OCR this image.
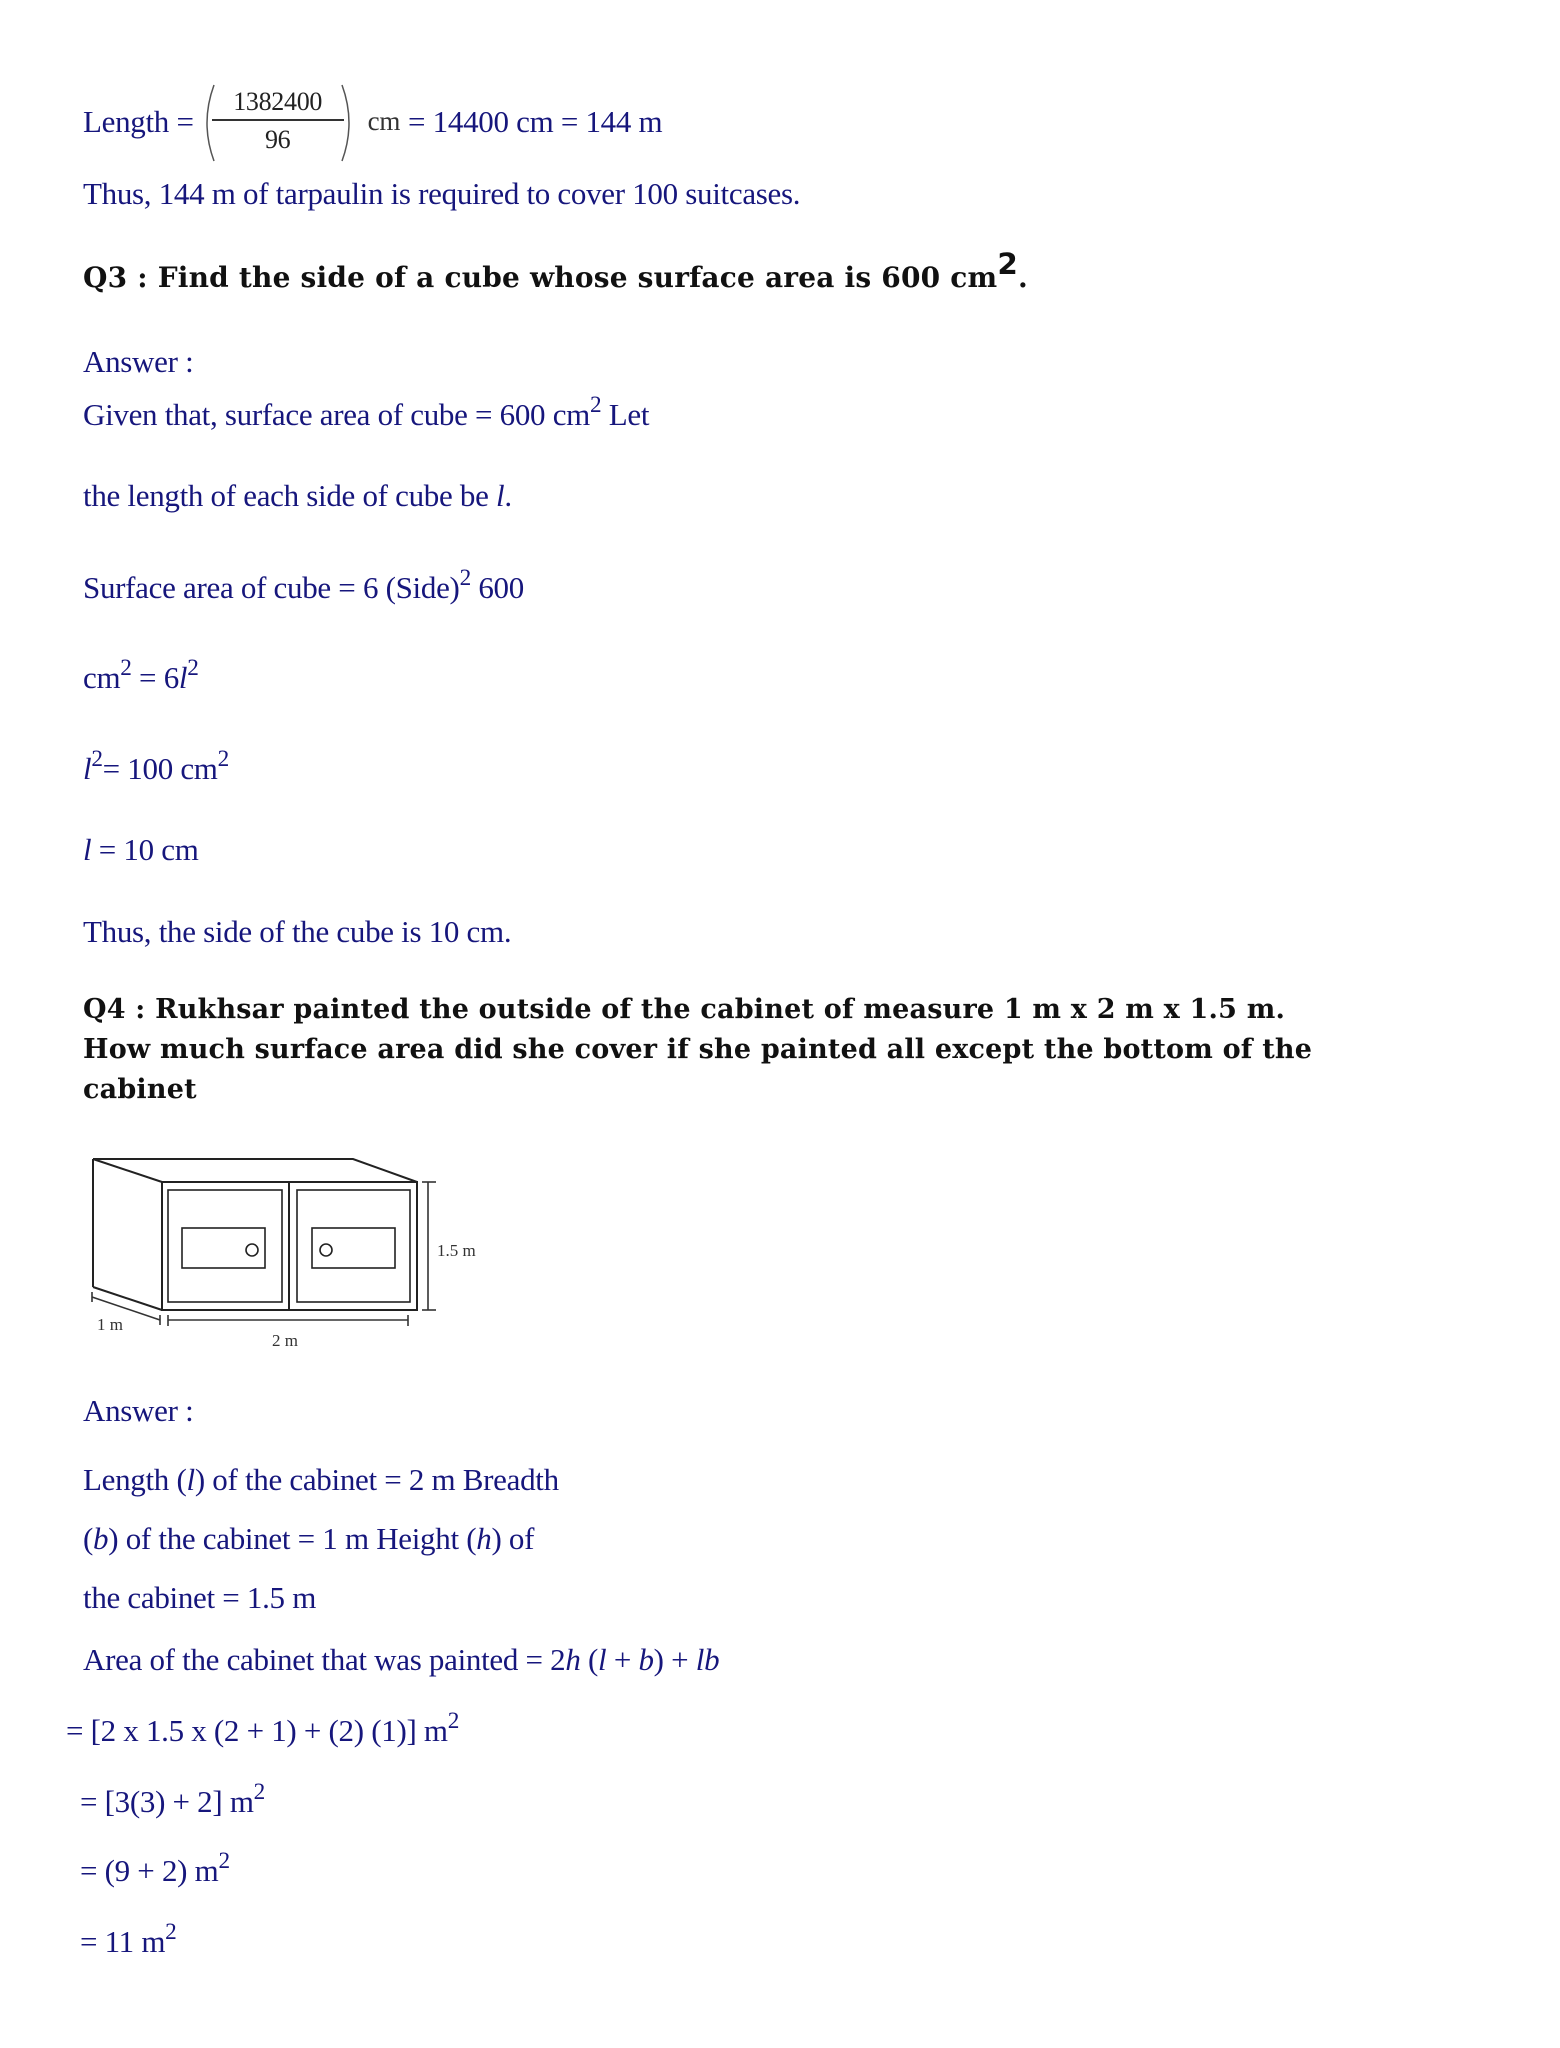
Length = $\frac{1382400}{96}$ cm = 14400 cm = 144 m
Thus, 144 m of tarpaulin is required to cover 100 suitcases.
Q3 : Find the side of a cube whose surface area is 600 cm2.
Answer :
Given that, surface area of cube = 600 $cm^2$ Let
the length of each side of cube be l.
Surface area of cube = 6 (Side)$^2$ 600
$cm^2 = 6l^2$
$l^2= 100$ $cm^2$
l = 10 cm
Thus, the side of the cube is 10 cm.
Q4 : Rukhsar painted the outside of the cabinet of measure 1 m x 2 m x 1.5 m.
How much surface area did she cover if she painted all except the bottom of the
cabinet
1.5 m
2 m
1 m
Answer :
Length (l) of the cabinet = 2 m Breadth
(b) of the cabinet = 1 m Height (h) of
the cabinet = 1.5 m
Area of the cabinet that was painted = 2h (l + b) + lb
= [2 x 1.5 x (2 + 1) + (2) (1)] $m^2$
= [3(3) + 2] $m^2$
= (9 + 2) $m^2$
= 11 $m^2$
